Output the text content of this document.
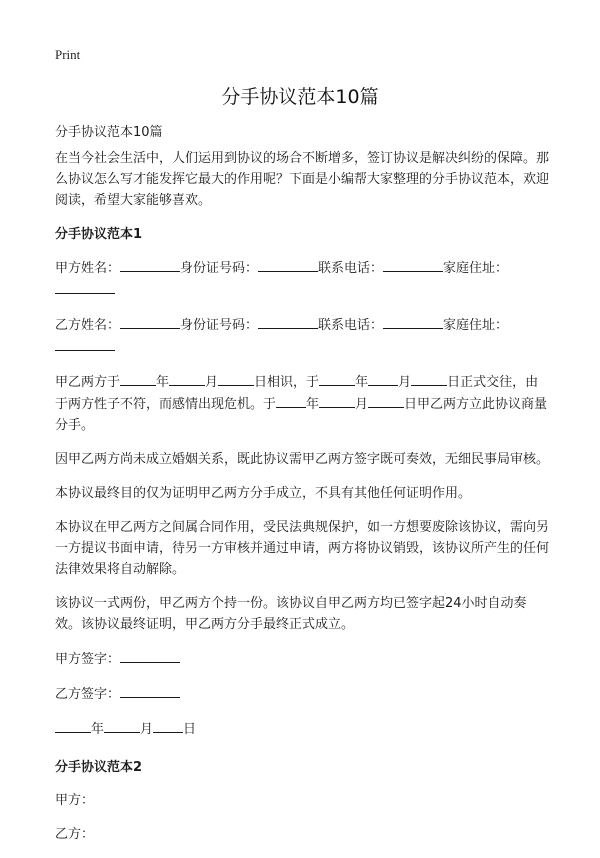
Print
分手协议范本10篇

分手协议范本10篇

在当今社会生活中，人们运用到协议的场合不断增多，签订协议是解决纠纷的保障。那么协议怎么写才能发挥它最大的作用呢？下面是小编帮大家整理的分手协议范本，欢迎阅读，希望大家能够喜欢。

分手协议范本1

甲方姓名：	身份证号码：	联系电话：	家庭住址：

乙方姓名：	身份证号码：	联系电话：	家庭住址：

甲乙两方于	年	月	日相识，于	年 月	日正式交往，由于两方性子不符，而感情出现危机。于 年	月	日甲乙两方立此协议商量分手。

因甲乙两方尚未成立婚姻关系，既此协议需甲乙两方签字既可奏效，无细民事局审核。

本协议最终目的仅为证明甲乙两方分手成立，不具有其他任何证明作用。

本协议在甲乙两方之间属合同作用，受民法典规保护，如一方想要废除该协议，需向另一方提议书面申请，待另一方审核并通过申请，两方将协议销毁，该协议所产生的任何法律效果将自动解除。

该协议一式两份，甲乙两方个持一份。该协议自甲乙两方均已签字起24小时自动奏效。该协议最终证明，甲乙两方分手最终正式成立。

甲方签字：

乙方签字：

年	月 日

分手协议范本2

甲方：

乙方：
